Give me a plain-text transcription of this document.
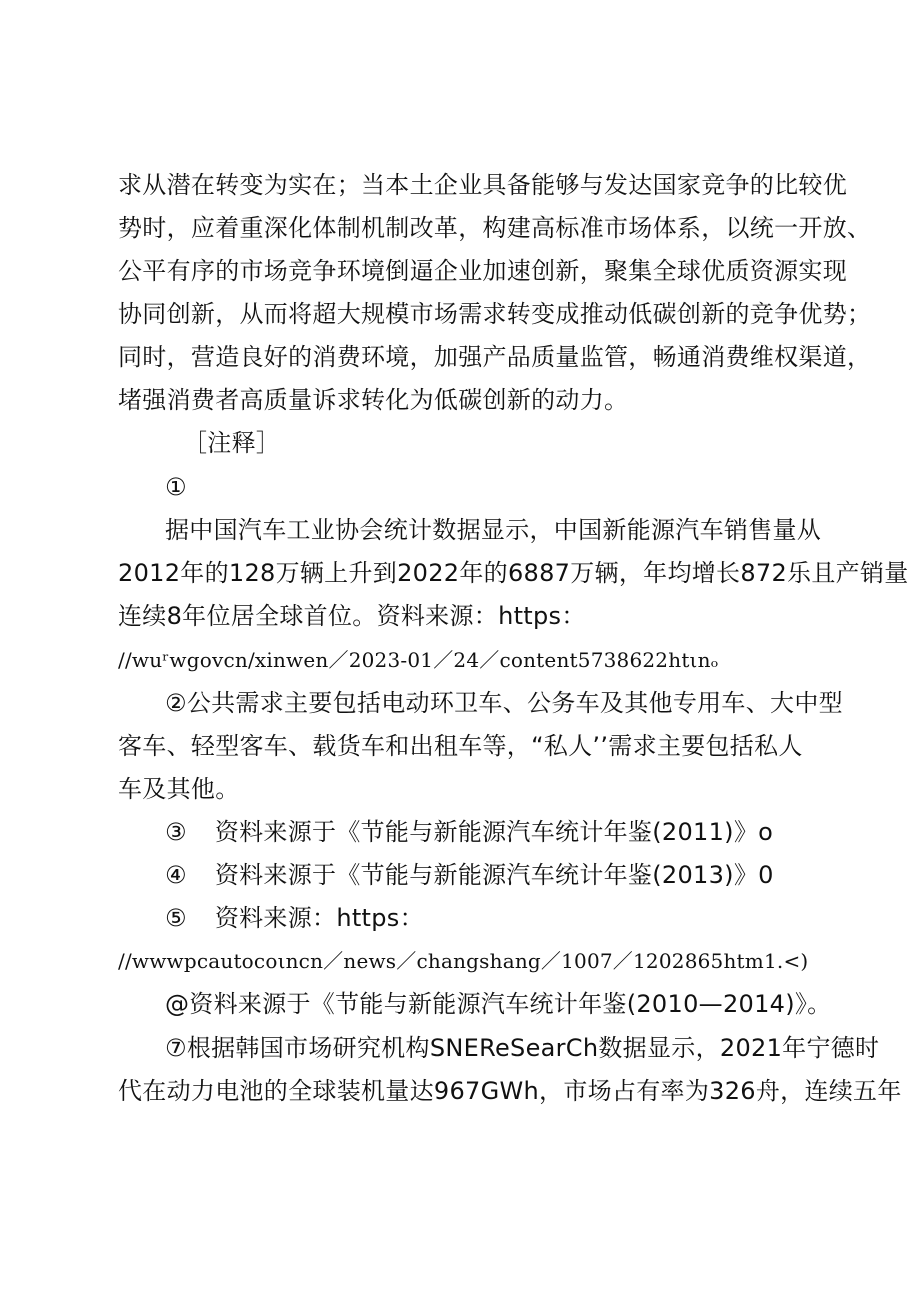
求从潜在转变为实在；当本土企业具备能够与发达国家竞争的比较优
势时，应着重深化体制机制改革，构建高标准市场体系，以统一开放、
公平有序的市场竞争环境倒逼企业加速创新，聚集全球优质资源实现
协同创新，从而将超大规模市场需求转变成推动低碳创新的竞争优势；
同时，营造良好的消费环境，加强产品质量监管，畅通消费维权渠道，
堵强消费者高质量诉求转化为低碳创新的动力。
［注释］
①
据中国汽车工业协会统计数据显示，中国新能源汽车销售量从
2012年的128万辆上升到2022年的6887万辆，年均增长872乐且产销量
连续8年位居全球首位。资料来源：https：
//wuʳwgovcn/xinwen／2023-01／24／content5738622htιnₒ
②公共需求主要包括电动环卫车、公务车及其他专用车、大中型
客车、轻型客车、载货车和出租车等，“私人’’需求主要包括私人
车及其他。
③ 资料来源于《节能与新能源汽车统计年鉴(2011)》o
④ 资料来源于《节能与新能源汽车统计年鉴(2013)》0
⑤ 资料来源：https：
//wwwpcautocoιncn／news／changshang／1007／1202865htm1.<)
@资料来源于《节能与新能源汽车统计年鉴(2010—2014)》。
⑦根据韩国市场研究机构SNEReSearCh数据显示，2021年宁德时
代在动力电池的全球装机量达967GWh，市场占有率为326舟，连续五年
